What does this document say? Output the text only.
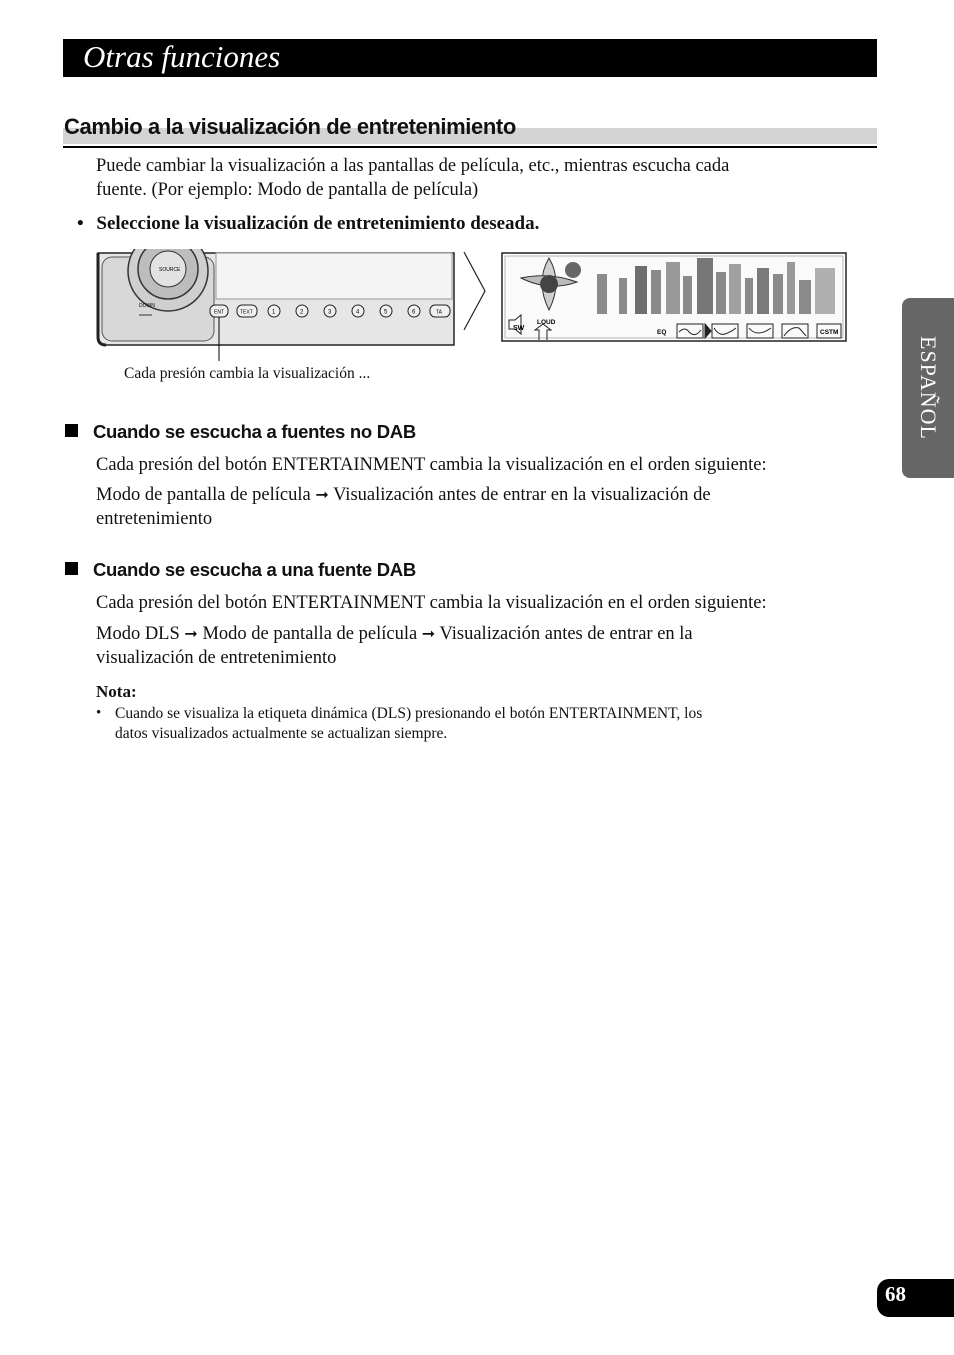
Otras funciones
Cambio a la visualización de entretenimiento
Puede cambiar la visualización a las pantallas de película, etc., mientras escucha cada
fuente. (Por ejemplo: Modo de pantalla de película)
• Seleccione la visualización de entretenimiento deseada.
SOURCE
DOWN
ENT	TEXT	1	2	3	4	5	6	TA
SW
LOUD
EQ	CSTM
Cada presión cambia la visualización ...
Cuando se escucha a fuentes no DAB
Cada presión del botón ENTERTAINMENT cambia la visualización en el orden siguiente:
Modo de pantalla de película ➞ Visualización antes de entrar en la visualización de
entretenimiento
Cuando se escucha a una fuente DAB
Cada presión del botón ENTERTAINMENT cambia la visualización en el orden siguiente:
Modo DLS ➞ Modo de pantalla de película ➞ Visualización antes de entrar en la
visualización de entretenimiento
Nota:
• Cuando se visualiza la etiqueta dinámica (DLS) presionando el botón ENTERTAINMENT, los
datos visualizados actualmente se actualizan siempre.
ESPAÑOL
68
